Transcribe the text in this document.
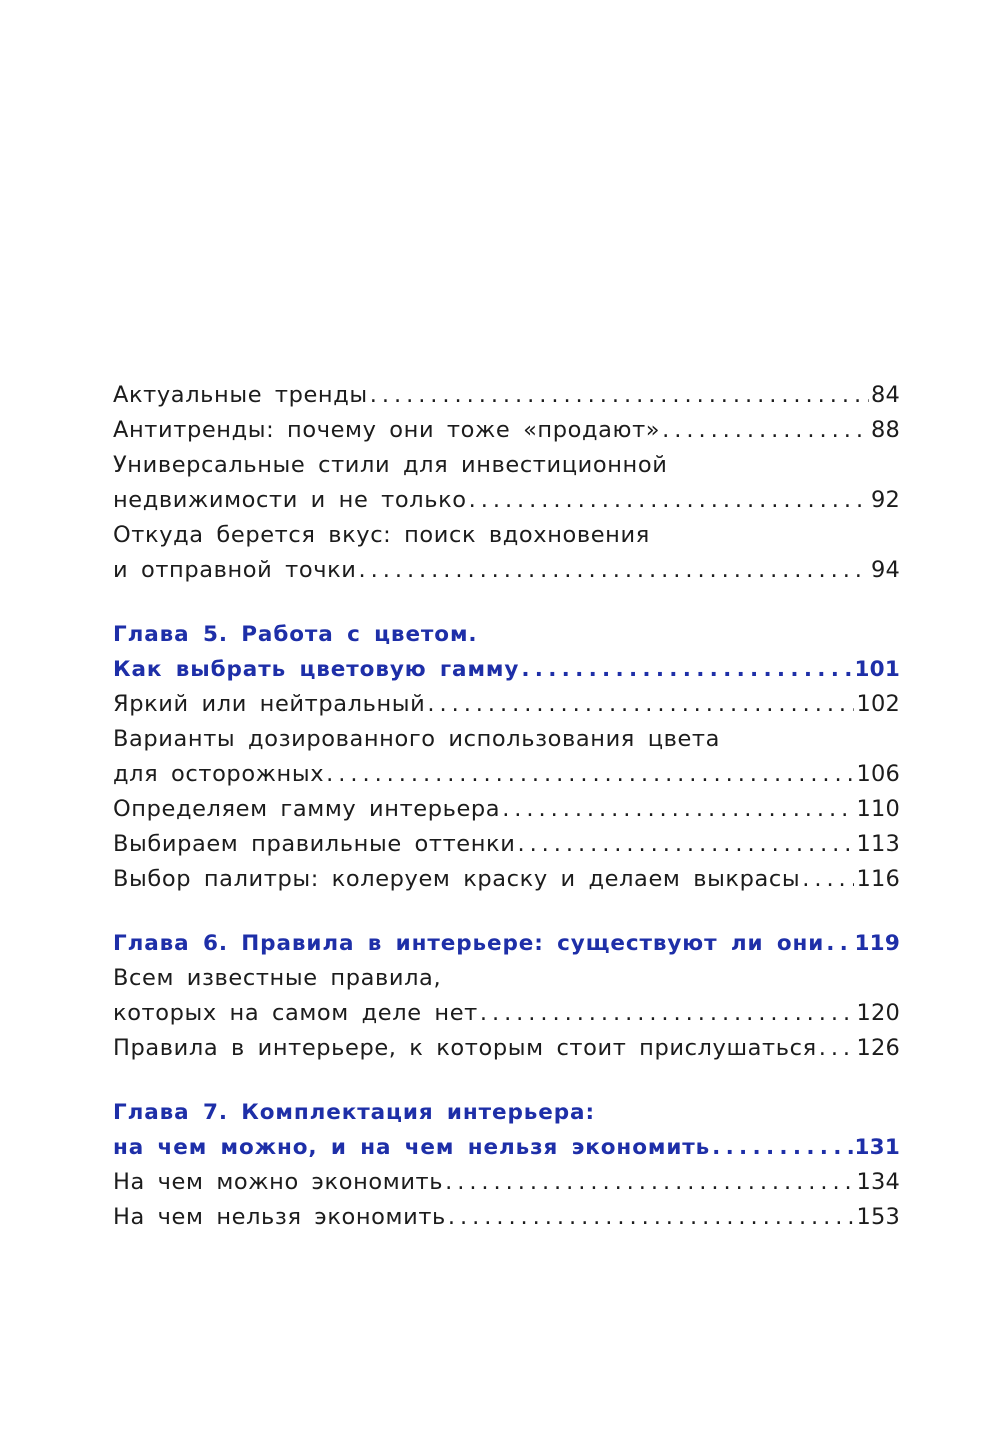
Актуальные тренды . . .	84
Антитренды: почему они тоже «продают» . . .	88
Универсальные стили для инвестиционной
недвижимости и не только . . .	92
Откуда берется вкус: поиск вдохновения
и отправной точки . . .	94
Глава 5. Работа с цветом.
Как выбрать цветовую гамму . . .	101
Яркий или нейтральный . . .	102
Варианты дозированного использования цвета
для осторожных . . .	106
Определяем гамму интерьера . . .	110
Выбираем правильные оттенки . . .	113
Выбор палитры: колеруем краску и делаем выкрасы . . . 116
Глава 6. Правила в интерьере: существуют ли они . . . 119
Всем известные правила,
которых на самом деле нет . . .	120
Правила в интерьере, к которым стоит прислушаться . . . 126
Глава 7. Комплектация интерьера:
на чем можно, и на чем нельзя экономить . . .	131
На чем можно экономить . . .	134
На чем нельзя экономить . . .	153
